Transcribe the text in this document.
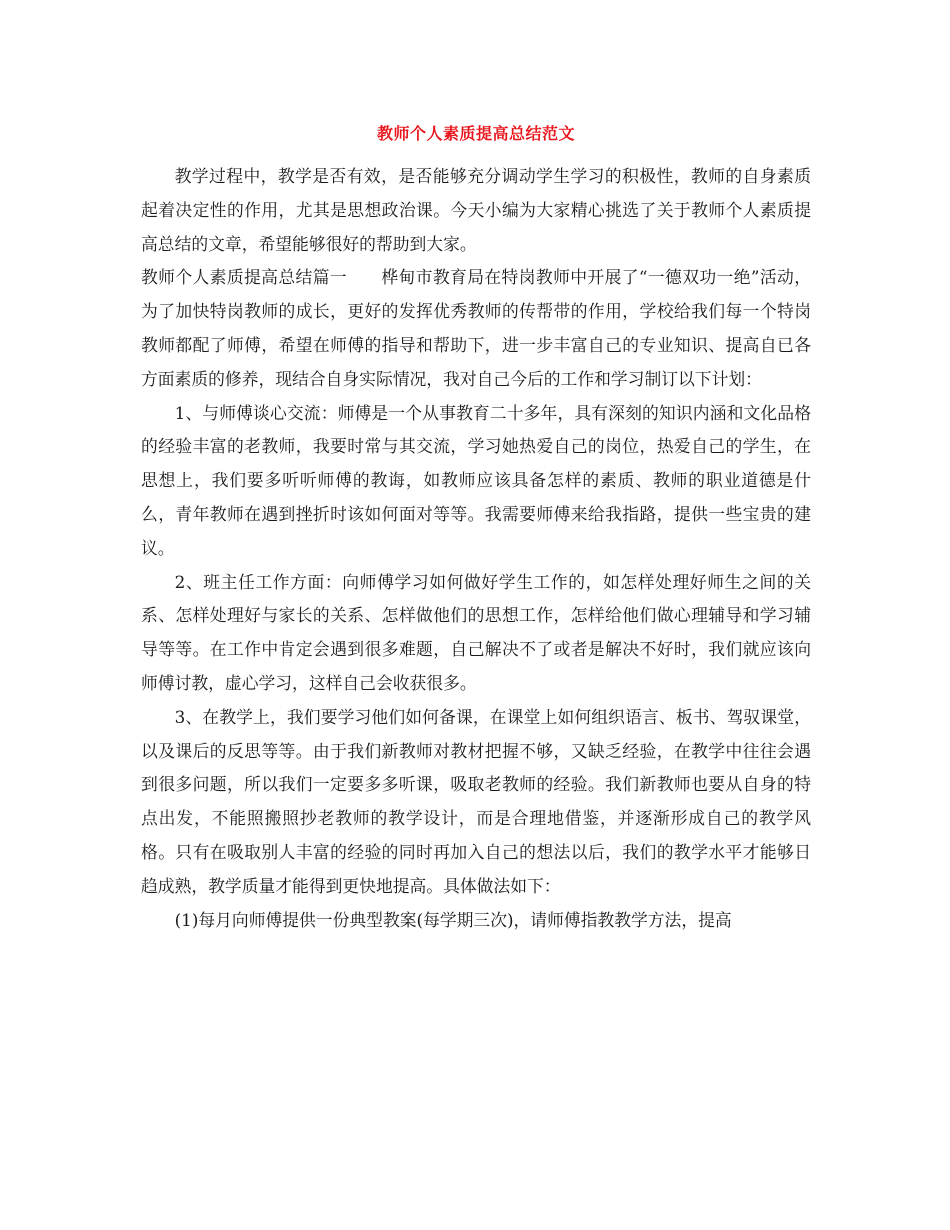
教师个人素质提高总结范文

教学过程中，教学是否有效，是否能够充分调动学生学习的积极性，教师的自身素质起着决定性的作用，尤其是思想政治课。今天小编为大家精心挑选了关于教师个人素质提高总结的文章，希望能够很好的帮助到大家。

教师个人素质提高总结篇一　　桦甸市教育局在特岗教师中开展了“一德双功一绝”活动，为了加快特岗教师的成长，更好的发挥优秀教师的传帮带的作用，学校给我们每一个特岗教师都配了师傅，希望在师傅的指导和帮助下，进一步丰富自己的专业知识、提高自已各方面素质的修养，现结合自身实际情况，我对自己今后的工作和学习制订以下计划：

1、与师傅谈心交流：师傅是一个从事教育二十多年，具有深刻的知识内涵和文化品格的经验丰富的老教师，我要时常与其交流，学习她热爱自己的岗位，热爱自己的学生，在思想上，我们要多听听师傅的教诲，如教师应该具备怎样的素质、教师的职业道德是什么，青年教师在遇到挫折时该如何面对等等。我需要师傅来给我指路，提供一些宝贵的建议。

2、班主任工作方面：向师傅学习如何做好学生工作的，如怎样处理好师生之间的关系、怎样处理好与家长的关系、怎样做他们的思想工作，怎样给他们做心理辅导和学习辅导等等。在工作中肯定会遇到很多难题，自己解决不了或者是解决不好时，我们就应该向师傅讨教，虚心学习，这样自己会收获很多。

3、在教学上，我们要学习他们如何备课，在课堂上如何组织语言、板书、驾驭课堂，以及课后的反思等等。由于我们新教师对教材把握不够，又缺乏经验，在教学中往往会遇到很多问题，所以我们一定要多多听课，吸取老教师的经验。我们新教师也要从自身的特点出发，不能照搬照抄老教师的教学设计，而是合理地借鉴，并逐渐形成自己的教学风格。只有在吸取别人丰富的经验的同时再加入自己的想法以后，我们的教学水平才能够日趋成熟，教学质量才能得到更快地提高。具体做法如下：

(1)每月向师傅提供一份典型教案(每学期三次)，请师傅指教教学方法，提高
